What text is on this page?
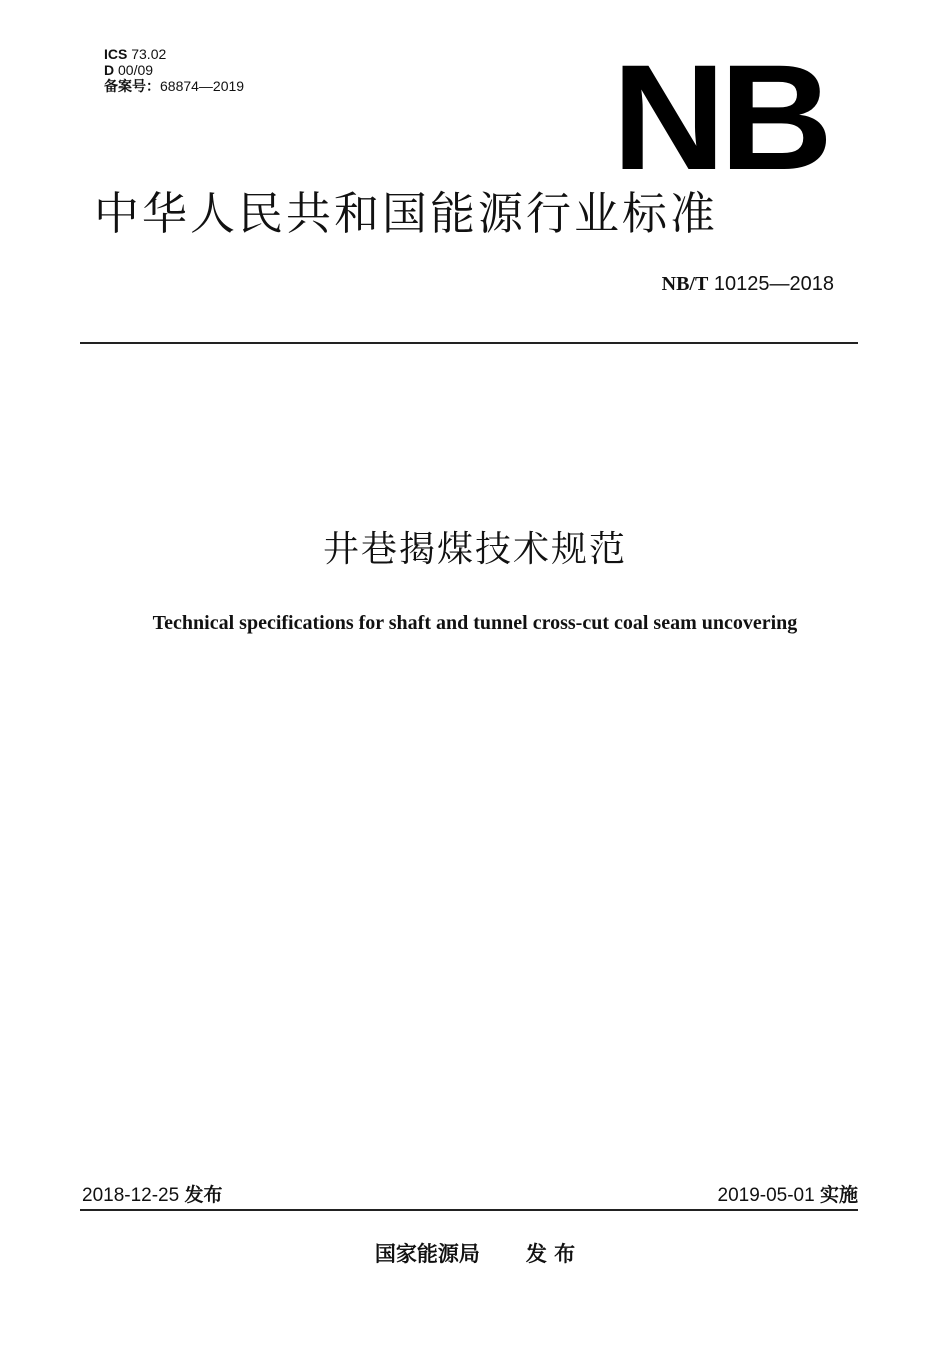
ICS 73.02
D 00/09
备案号：68874—2019 NB
中华人民共和国能源行业标准
NB/T 10125—2018
井巷揭煤技术规范
Technical specifications for shaft and tunnel cross-cut coal seam uncovering
2018-12-25 发布	2019-05-01 实施
国家能源局 发 布
